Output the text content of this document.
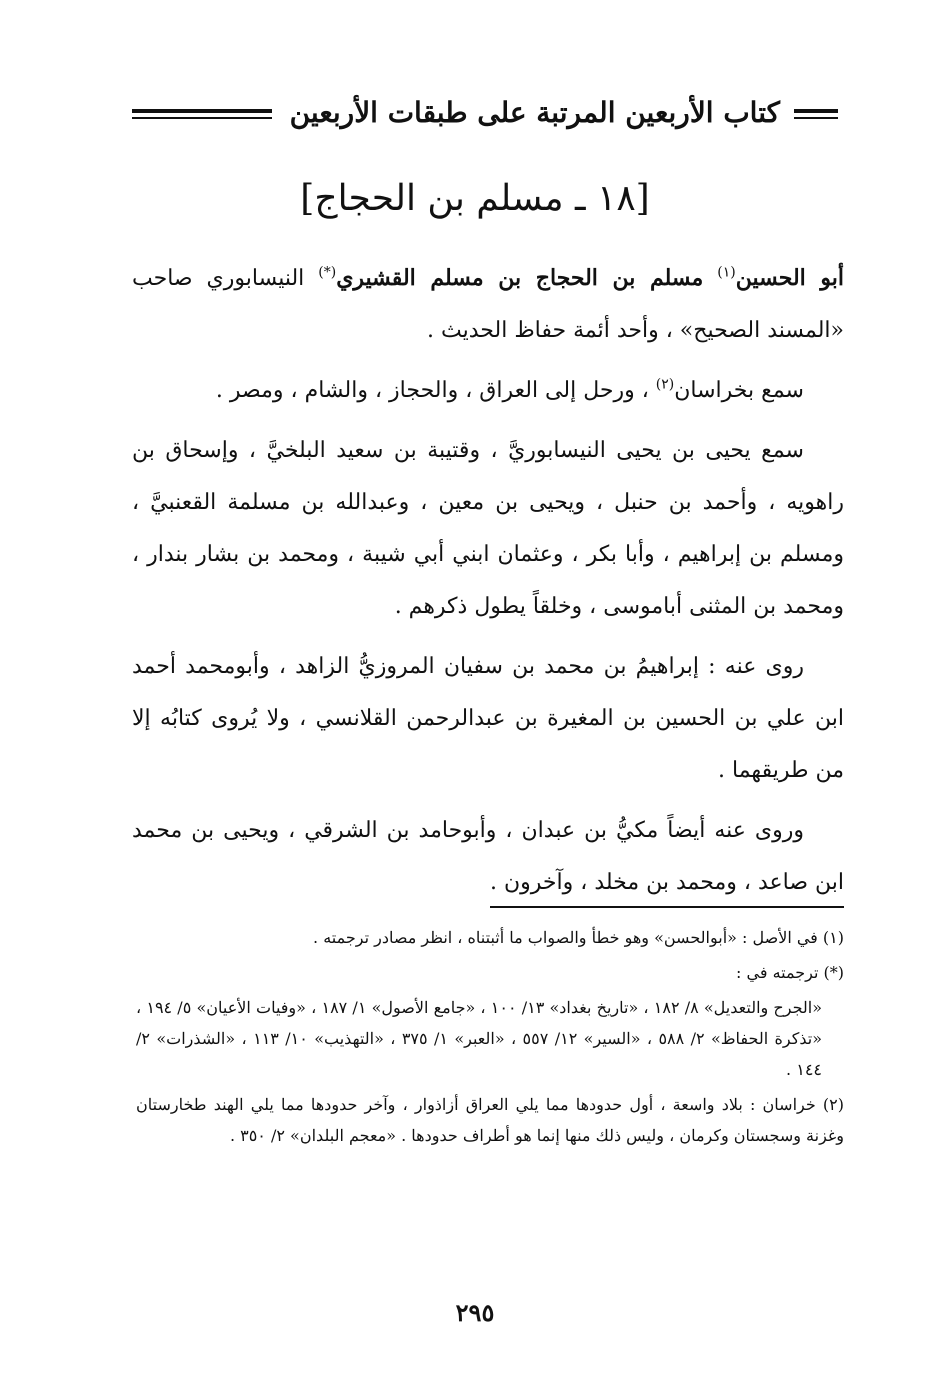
كتاب الأربعين المرتبة على طبقات الأربعين
[١٨ ـ مسلم بن الحجاج]

أبو الحسين$^{(١)}$ مسلم بن الحجاج بن مسلم القشيري(*) النيسابوري صاحب «المسند الصحيح» ، وأحد أئمة حفاظ الحديث .

سمع بخراسان$^{(٢)}$ ، ورحل إلى العراق ، والحجاز ، والشام ، ومصر .

سمع يحيى بن يحيى النيسابوريَّ ، وقتيبة بن سعيد البلخيَّ ، وإسحاق بن راهويه ، وأحمد بن حنبل ، ويحيى بن معين ، وعبدالله بن مسلمة القعنبيَّ ، ومسلم بن إبراهيم ، وأبا بكر ، وعثمان ابني أبي شيبة ، ومحمد بن بشار بندار ، ومحمد بن المثنى أباموسى ، وخلقاً يطول ذكرهم .

روى عنه : إبراهيمُ بن محمد بن سفيان المروزيُّ الزاهد ، وأبومحمد أحمد ابن علي بن الحسين بن المغيرة بن عبدالرحمن القلانسي ، ولا يُروى كتابُه إلا من طريقهما .

وروى عنه أيضاً مكيُّ بن عبدان ، وأبوحامد بن الشرقي ، ويحيى بن محمد ابن صاعد ، ومحمد بن مخلد ، وآخرون .

(١) في الأصل : «أبوالحسن» وهو خطأ والصواب ما أثبتناه ، انظر مصادر ترجمته .

(*) ترجمته في :

«الجرح والتعديل» ٨/ ١٨٢ ، «تاريخ بغداد» ١٣/ ١٠٠ ، «جامع الأصول» ١/ ١٨٧ ، «وفيات الأعيان» ٥/ ١٩٤ ، «تذكرة الحفاظ» ٢/ ٥٨٨ ، «السير» ١٢/ ٥٥٧ ، «العبر» ١/ ٣٧٥ ، «التهذيب» ١٠/ ١١٣ ، «الشذرات» ٢/ ١٤٤ .

(٢) خراسان : بلاد واسعة ، أول حدودها مما يلي العراق أزاذوار ، وآخر حدودها مما يلي الهند طخارستان وغزنة وسجستان وكرمان ، وليس ذلك منها إنما هو أطراف حدودها . «معجم البلدان» ٢/ ٣٥٠ .

٢٩٥
